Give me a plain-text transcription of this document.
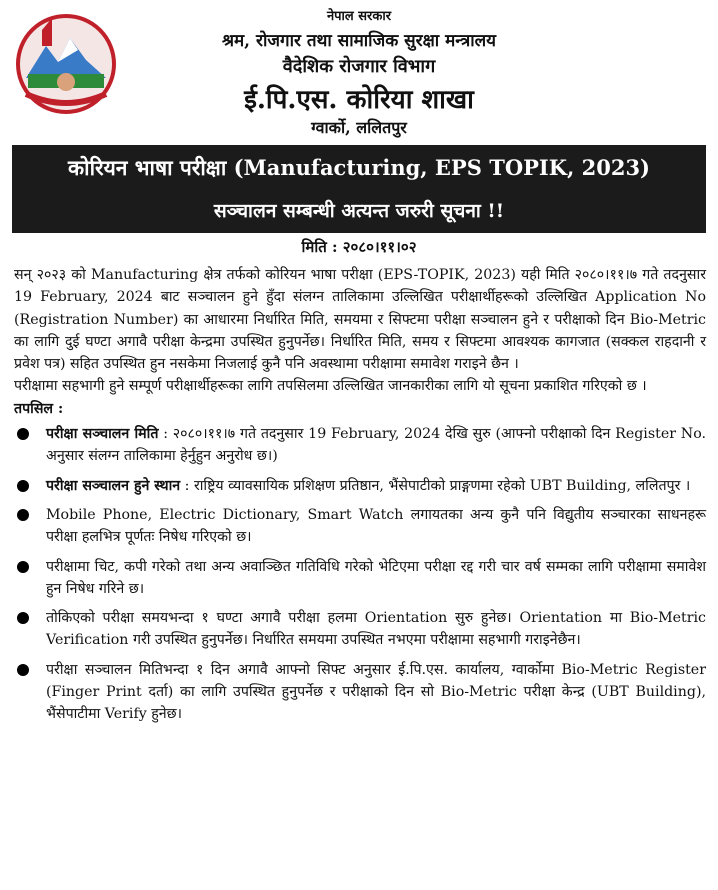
नेपाल सरकार
श्रम, रोजगार तथा सामाजिक सुरक्षा मन्त्रालय
वैदेशिक रोजगार विभाग
ई.पि.एस. कोरिया शाखा
ग्वार्को, ललितपुर
कोरियन भाषा परीक्षा (Manufacturing, EPS TOPIK, 2023)
सञ्चालन सम्बन्धी अत्यन्त जरुरी सूचना !!
मिति : २०८०।११।०२

सन् २०२३ को Manufacturing क्षेत्र तर्फको कोरियन भाषा परीक्षा (EPS-TOPIK, 2023) यही मिति २०८०।११।७ गते तदनुसार 19 February, 2024 बाट सञ्चालन हुने हुँदा संलग्न तालिकामा उल्लिखित परीक्षार्थीहरूको उल्लिखित Application No (Registration Number) का आधारमा निर्धारित मिति, समयमा र सिफ्टमा परीक्षा सञ्चालन हुने र परीक्षाको दिन Bio-Metric का लागि दुई घण्टा अगावै परीक्षा केन्द्रमा उपस्थित हुनुपर्नेछ। निर्धारित मिति, समय र सिफ्टमा आवश्यक कागजात (सक्कल राहदानी र प्रवेश पत्र) सहित उपस्थित हुन नसकेमा निजलाई कुनै पनि अवस्थामा परीक्षामा समावेश गराइने छैन ।

परीक्षामा सहभागी हुने सम्पूर्ण परीक्षार्थीहरूका लागि तपसिलमा उल्लिखित जानकारीका लागि यो सूचना प्रकाशित गरिएको छ ।

तपसिल :

परीक्षा सञ्चालन मिति : २०८०।११।७ गते तदनुसार 19 February, 2024 देखि सुरु (आफ्नो परीक्षाको दिन Register No. अनुसार संलग्न तालिकामा हेर्नुहुन अनुरोध छ।)
परीक्षा सञ्चालन हुने स्थान : राष्ट्रिय व्यावसायिक प्रशिक्षण प्रतिष्ठान, भैंसेपाटीको प्राङ्गणमा रहेको UBT Building, ललितपुर ।
Mobile Phone, Electric Dictionary, Smart Watch लगायतका अन्य कुनै पनि विद्युतीय सञ्चारका साधनहरू परीक्षा हलभित्र पूर्णतः निषेध गरिएको छ।
परीक्षामा चिट, कपी गरेको तथा अन्य अवाञ्छित गतिविधि गरेको भेटिएमा परीक्षा रद्द गरी चार वर्ष सम्मका लागि परीक्षामा समावेश हुन निषेध गरिने छ।
तोकिएको परीक्षा समयभन्दा १ घण्टा अगावै परीक्षा हलमा Orientation सुरु हुनेछ। Orientation मा Bio-Metric Verification गरी उपस्थित हुनुपर्नेछ। निर्धारित समयमा उपस्थित नभएमा परीक्षामा सहभागी गराइनेछैन।
परीक्षा सञ्चालन मितिभन्दा १ दिन अगावै आफ्नो सिफ्ट अनुसार ई.पि.एस. कार्यालय, ग्वार्कोमा Bio-Metric Register (Finger Print दर्ता) का लागि उपस्थित हुनुपर्नेछ र परीक्षाको दिन सो Bio-Metric परीक्षा केन्द्र (UBT Building), भैंसेपाटीमा Verify हुनेछ।
